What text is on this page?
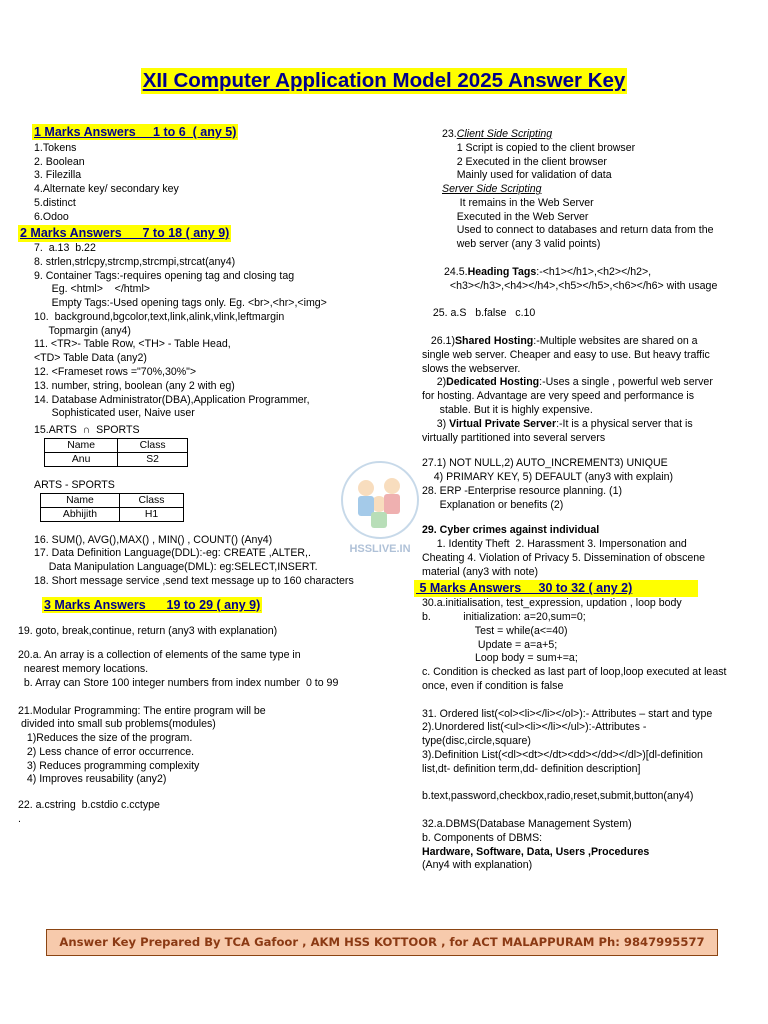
XII Computer Application Model 2025 Answer Key
1 Marks Answers     1 to 6  ( any 5)
1.Tokens
2. Boolean
3. Filezilla
4.Alternate key/ secondary key
5.distinct
6.Odoo
2 Marks Answers      7 to 18 ( any 9)
7.  a.13  b.22
8. strlen,strlcpy,strcmp,strcmpi,strcat(any4)
9. Container Tags:-requires opening tag and closing tag
Eg. <html>    </html>
Empty Tags:-Used opening tags only. Eg. <br>,<hr>,<img>
10.  background,bgcolor,text,link,alink,vlink,leftmargin
Topmargin (any4)
11. <TR>- Table Row, <TH> - Table Head,
<TD> Table Data (any2)
12. <Frameset rows ="70%,30%">
13. number, string, boolean (any 2 with eg)
14. Database Administrator(DBA),Application Programmer,
Sophisticated user, Naive user
15.ARTS  ∩  SPORTS
Name	Class
Anu	S2
ARTS - SPORTS
Name	Class
Abhijith	H1
16. SUM(), AVG(),MAX() , MIN() , COUNT() (Any4)
17. Data Definition Language(DDL):-eg: CREATE ,ALTER,.
Data Manipulation Language(DML): eg:SELECT,INSERT.
18. Short message service ,send text message up to 160 characters
3 Marks Answers      19 to 29 ( any 9)
19. goto, break,continue, return (any3 with explanation)
20.a. An array is a collection of elements of the same type in
nearest memory locations.
b. Array can Store 100 integer numbers from index number  0 to 99
21.Modular Programming: The entire program will be
divided into small sub problems(modules)
1)Reduces the size of the program.
2) Less chance of error occurrence.
3) Reduces programming complexity
4) Improves reusability (any2)
22. a.cstring  b.cstdio c.cctype
.
23.Client Side Scripting
1 Script is copied to the client browser
2 Executed in the client browser
Mainly used for validation of data
Server Side Scripting
It remains in the Web Server
Executed in the Web Server
Used to connect to databases and return data from the
web server (any 3 valid points)
24.5.Heading Tags:-<h1></h1>,<h2></h2>,
<h3></h3>,<h4></h4>,<h5></h5>,<h6></h6> with usage
25. a.S   b.false   c.10
26.1)Shared Hosting:-Multiple websites are shared on a
single web server. Cheaper and easy to use. But heavy traffic
slows the webserver.
2)Dedicated Hosting:-Uses a single , powerful web server
for hosting. Advantage are very speed and performance is
stable. But it is highly expensive.
3) Virtual Private Server:-It is a physical server that is
virtually partitioned into several servers
27.1) NOT NULL,2) AUTO_INCREMENT3) UNIQUE
4) PRIMARY KEY, 5) DEFAULT (any3 with explain)
28. ERP -Enterprise resource planning. (1)
Explanation or benefits (2)
29. Cyber crimes against individual
1. Identity Theft  2. Harassment 3. Impersonation and
Cheating 4. Violation of Privacy 5. Dissemination of obscene
material (any3 with note)
5 Marks Answers     30 to 32 ( any 2)
30.a.initialisation, test_expression, updation , loop body
b.           initialization: a=20,sum=0;
Test = while(a<=40)
Update = a=a+5;
Loop body = sum+=a;
c. Condition is checked as last part of loop,loop executed at least
once, even if condition is false
31. Ordered list(<ol><li></li></ol>):- Attributes – start and type
2).Unordered list(<ul><li></li></ul>):-Attributes -
type(disc,circle,square)
3).Definition List(<dl><dt></dt><dd></dd></dl>)[dl-definition
list,dt- definition term,dd- definition description]
b.text,password,checkbox,radio,reset,submit,button(any4)
32.a.DBMS(Database Management System)
b. Components of DBMS:
Hardware, Software, Data, Users ,Procedures
(Any4 with explanation)
HSSLIVE.IN
Answer Key Prepared By TCA Gafoor , AKM HSS KOTTOOR , for ACT MALAPPURAM Ph: 9847995577
